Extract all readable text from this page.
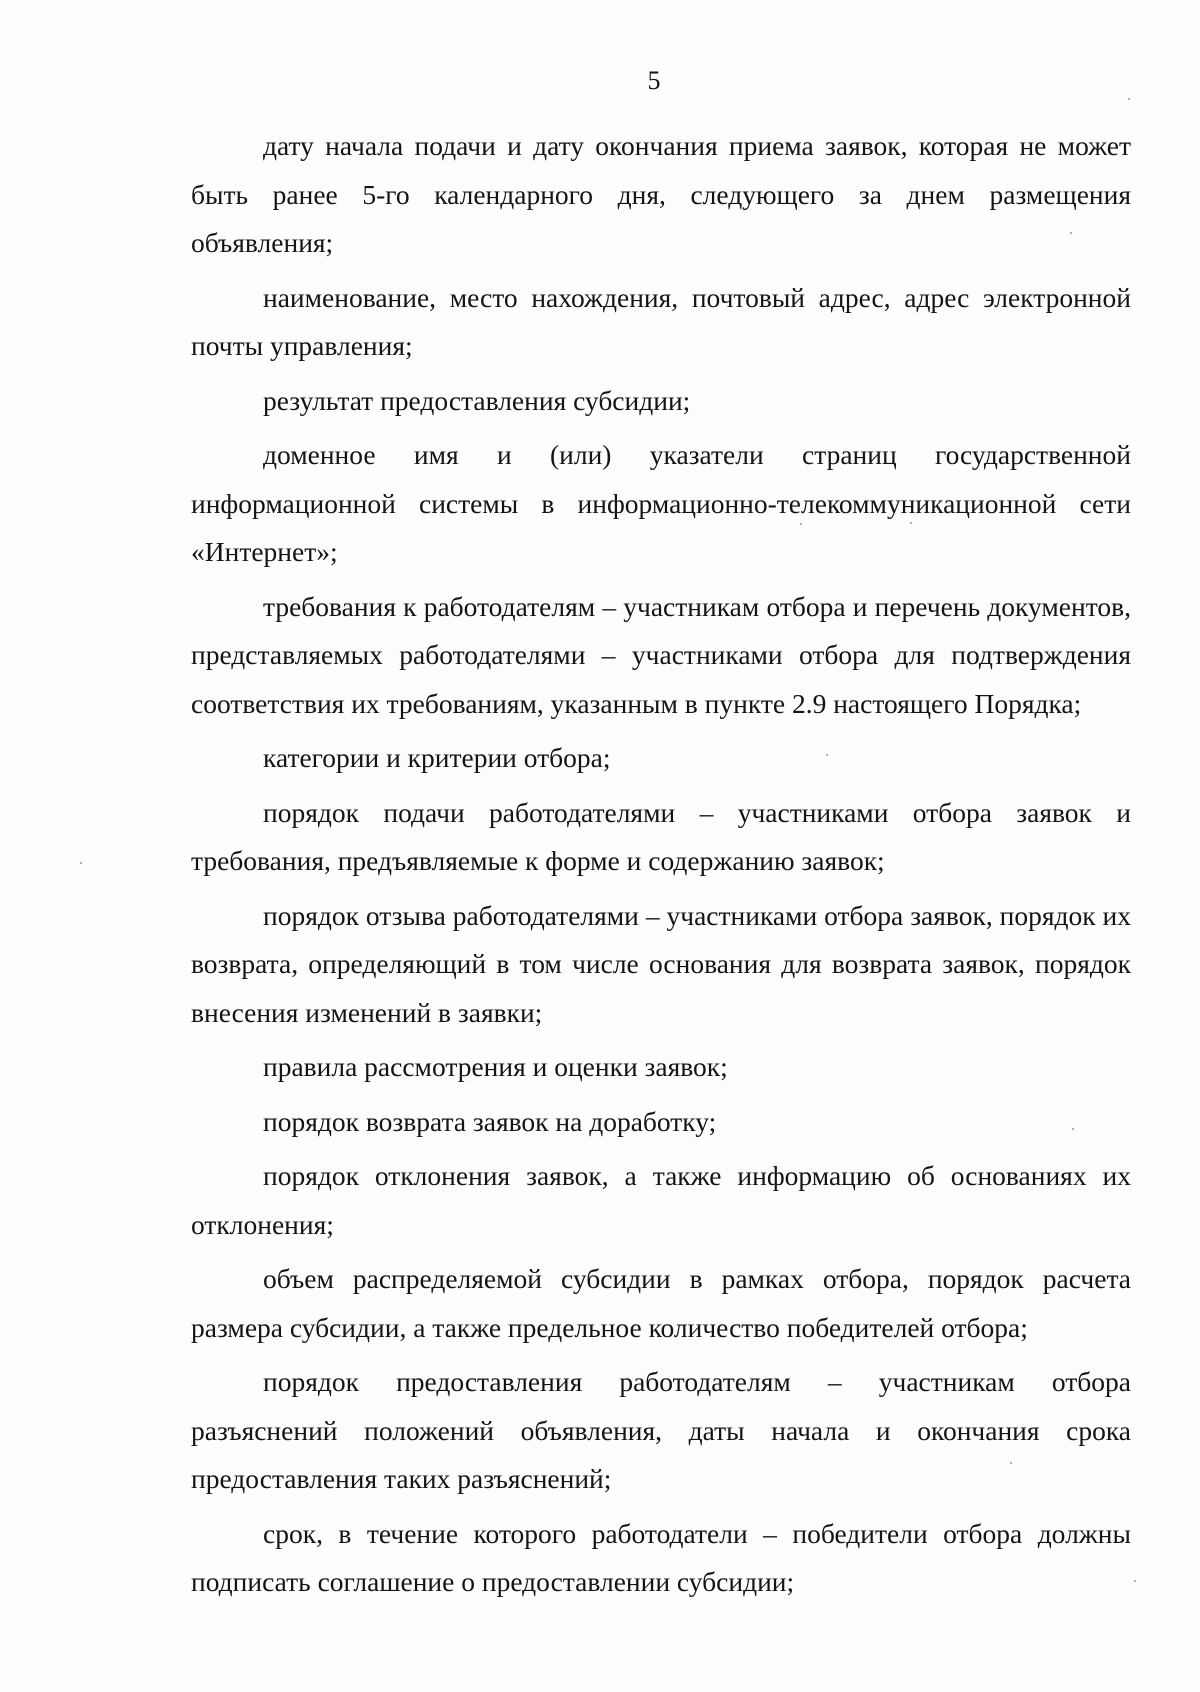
5

дату начала подачи и дату окончания приема заявок, которая не может быть ранее 5-го календарного дня, следующего за днем размещения объявления;

наименование, место нахождения, почтовый адрес, адрес электронной почты управления;

результат предоставления субсидии;

доменное имя и (или) указатели страниц государственной информационной системы в информационно-телекоммуникационной сети «Интернет»;

требования к работодателям – участникам отбора и перечень документов, представляемых работодателями – участниками отбора для подтверждения соответствия их требованиям, указанным в пункте 2.9 настоящего Порядка;

категории и критерии отбора;

порядок подачи работодателями – участниками отбора заявок и требования, предъявляемые к форме и содержанию заявок;

порядок отзыва работодателями – участниками отбора заявок, порядок их возврата, определяющий в том числе основания для возврата заявок, порядок внесения изменений в заявки;

правила рассмотрения и оценки заявок;

порядок возврата заявок на доработку;

порядок отклонения заявок, а также информацию об основаниях их отклонения;

объем распределяемой субсидии в рамках отбора, порядок расчета размера субсидии, а также предельное количество победителей отбора;

порядок предоставления работодателям – участникам отбора разъяснений положений объявления, даты начала и окончания срока предоставления таких разъяснений;

срок, в течение которого работодатели – победители отбора должны подписать соглашение о предоставлении субсидии;
